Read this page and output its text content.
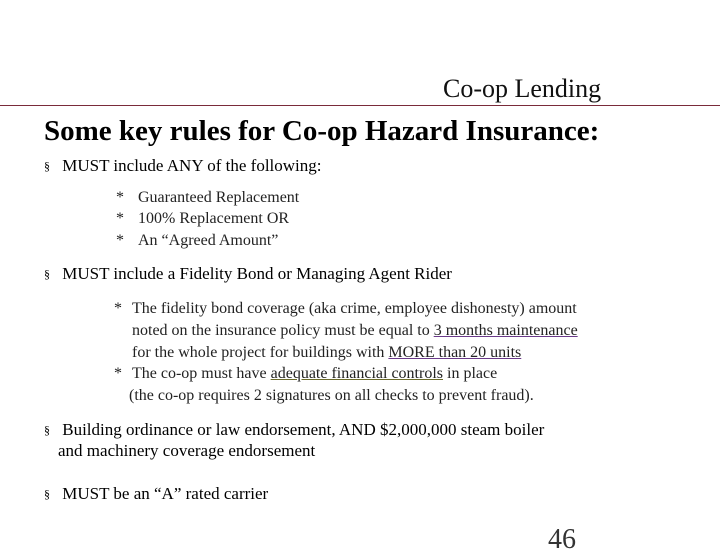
Co-op Lending
Some key rules for Co-op Hazard Insurance:
§ MUST include ANY of the following:
* Guaranteed Replacement
* 100% Replacement OR
* An “Agreed Amount”
§ MUST include a Fidelity Bond or Managing Agent Rider
* The fidelity bond coverage (aka crime, employee dishonesty) amount
noted on the insurance policy must be equal to 3 months maintenance
for the whole project for buildings with MORE than 20 units
* The co-op must have adequate financial controls in place
(the co-op requires 2 signatures on all checks to prevent fraud).
§ Building ordinance or law endorsement, AND $2,000,000 steam boiler
and machinery coverage endorsement
§ MUST be an “A” rated carrier
46
